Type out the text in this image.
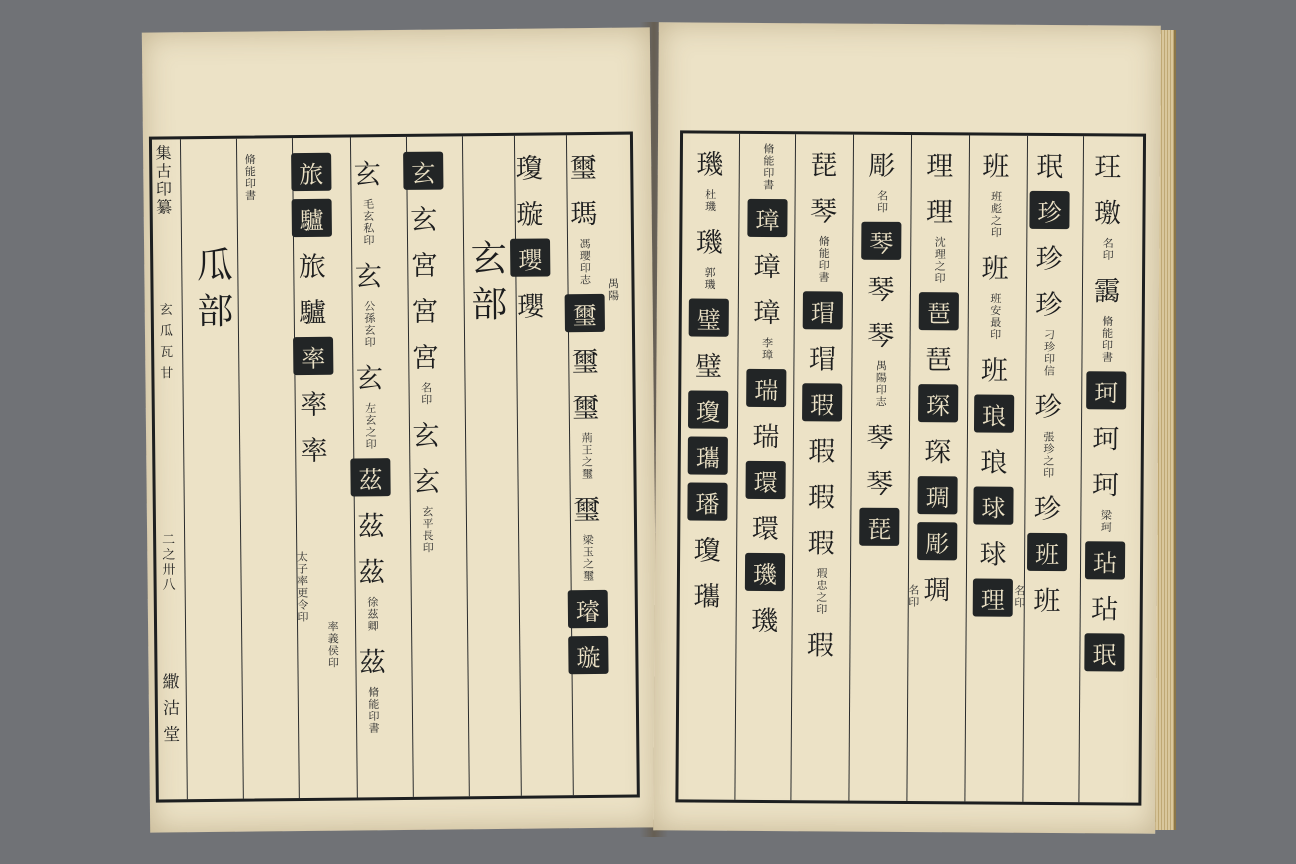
集古印纂
玄 瓜 瓦 甘
二之卅八
繖 沽 堂
瓜部	玄部
脩能印書	旅
驢
旅
驢
率
率
率
太子率更令印
率義侯印
玄
毛玄私印
玄
公孫玄印
玄
左玄之印
茲
茲
茲
徐茲卿
茲
脩能印書
玄
玄
宮
宮
宮
名印
玄
玄
玄平長印
瓊
璇
瓔
瓔
璽
瑪
馮瓔印志
璽
璽
璽
荊王之璽
璽
梁玉之璽
璿
璇
禺陽
璣
杜璣
璣
郭璣
璧
璧
瓊
瓗
璠
瓊
瓗
脩能印書
璋
璋
璋
李璋
瑞
瑞
環
環
璣
璣
琵
琴
脩能印書
瑁
瑁
瑕
瑕
瑕
瑕
瑕忠之印
瑕
彫
名印
琴
琴
琴
禺陽印志
琴
琴
琵
理
理
沈理之印
琶
琶
琛
琛
琱
彫
琱
班
班彪之印
班
班安最印
班
琅
琅
球
球
理
珉
珍
珍
珍
刁珍印信
珍
張珍之印
珍
班
班
玨
璬
名印
靄
脩能印書
珂
珂
珂
梁珂
玷
玷
珉
名印	名印
